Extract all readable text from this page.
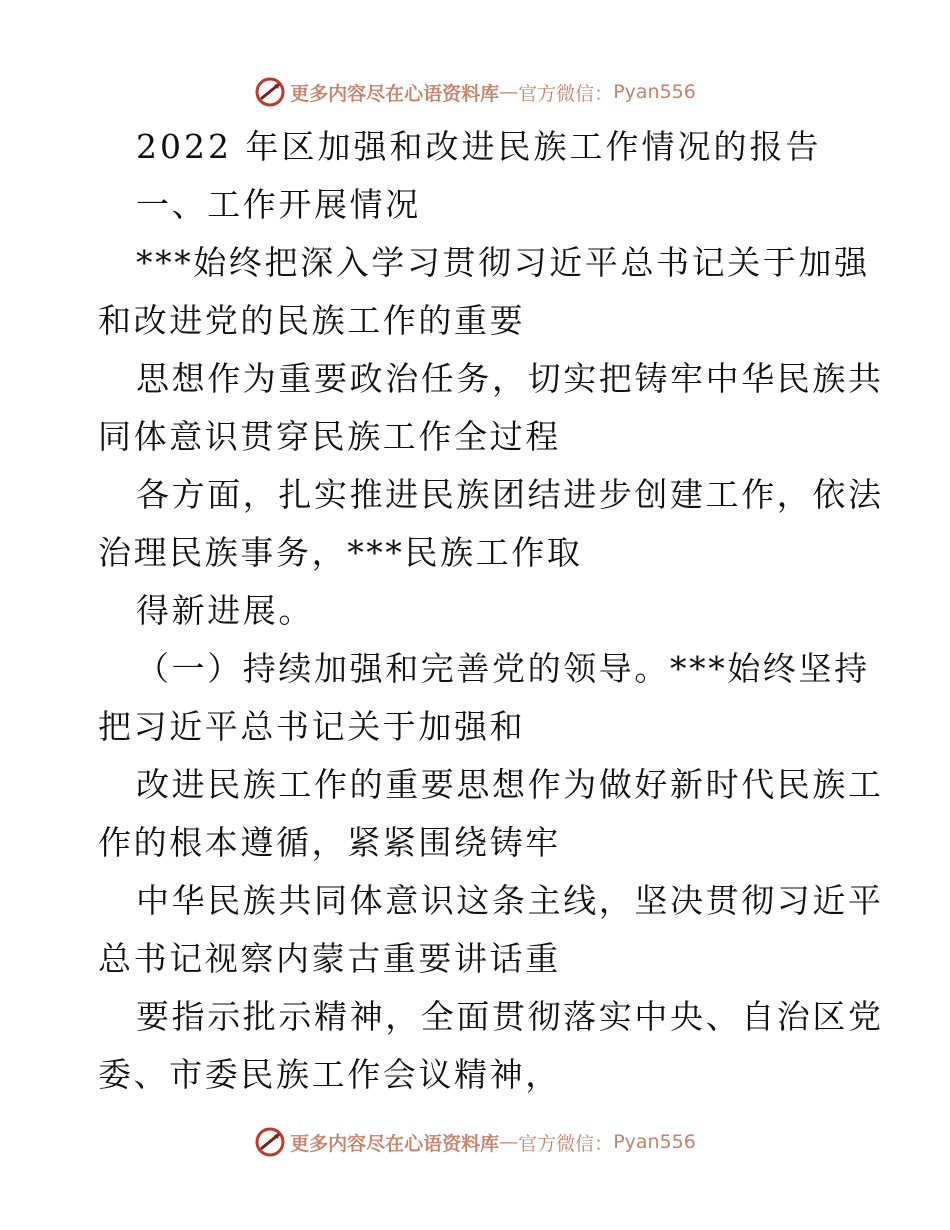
更多内容尽在心语资料库 — 官方微信： Pyan556
2022 年区加强和改进民族工作情况的报告
一、工作开展情况
***始终把深入学习贯彻习近平总书记关于加强
和改进党的民族工作的重要
思想作为重要政治任务，切实把铸牢中华民族共
同体意识贯穿民族工作全过程
各方面，扎实推进民族团结进步创建工作，依法
治理民族事务，***民族工作取
得新进展。
（一）持续加强和完善党的领导。***始终坚持
把习近平总书记关于加强和
改进民族工作的重要思想作为做好新时代民族工
作的根本遵循，紧紧围绕铸牢
中华民族共同体意识这条主线，坚决贯彻习近平
总书记视察内蒙古重要讲话重
要指示批示精神，全面贯彻落实中央、自治区党
委、市委民族工作会议精神，
更多内容尽在心语资料库 — 官方微信： Pyan556
